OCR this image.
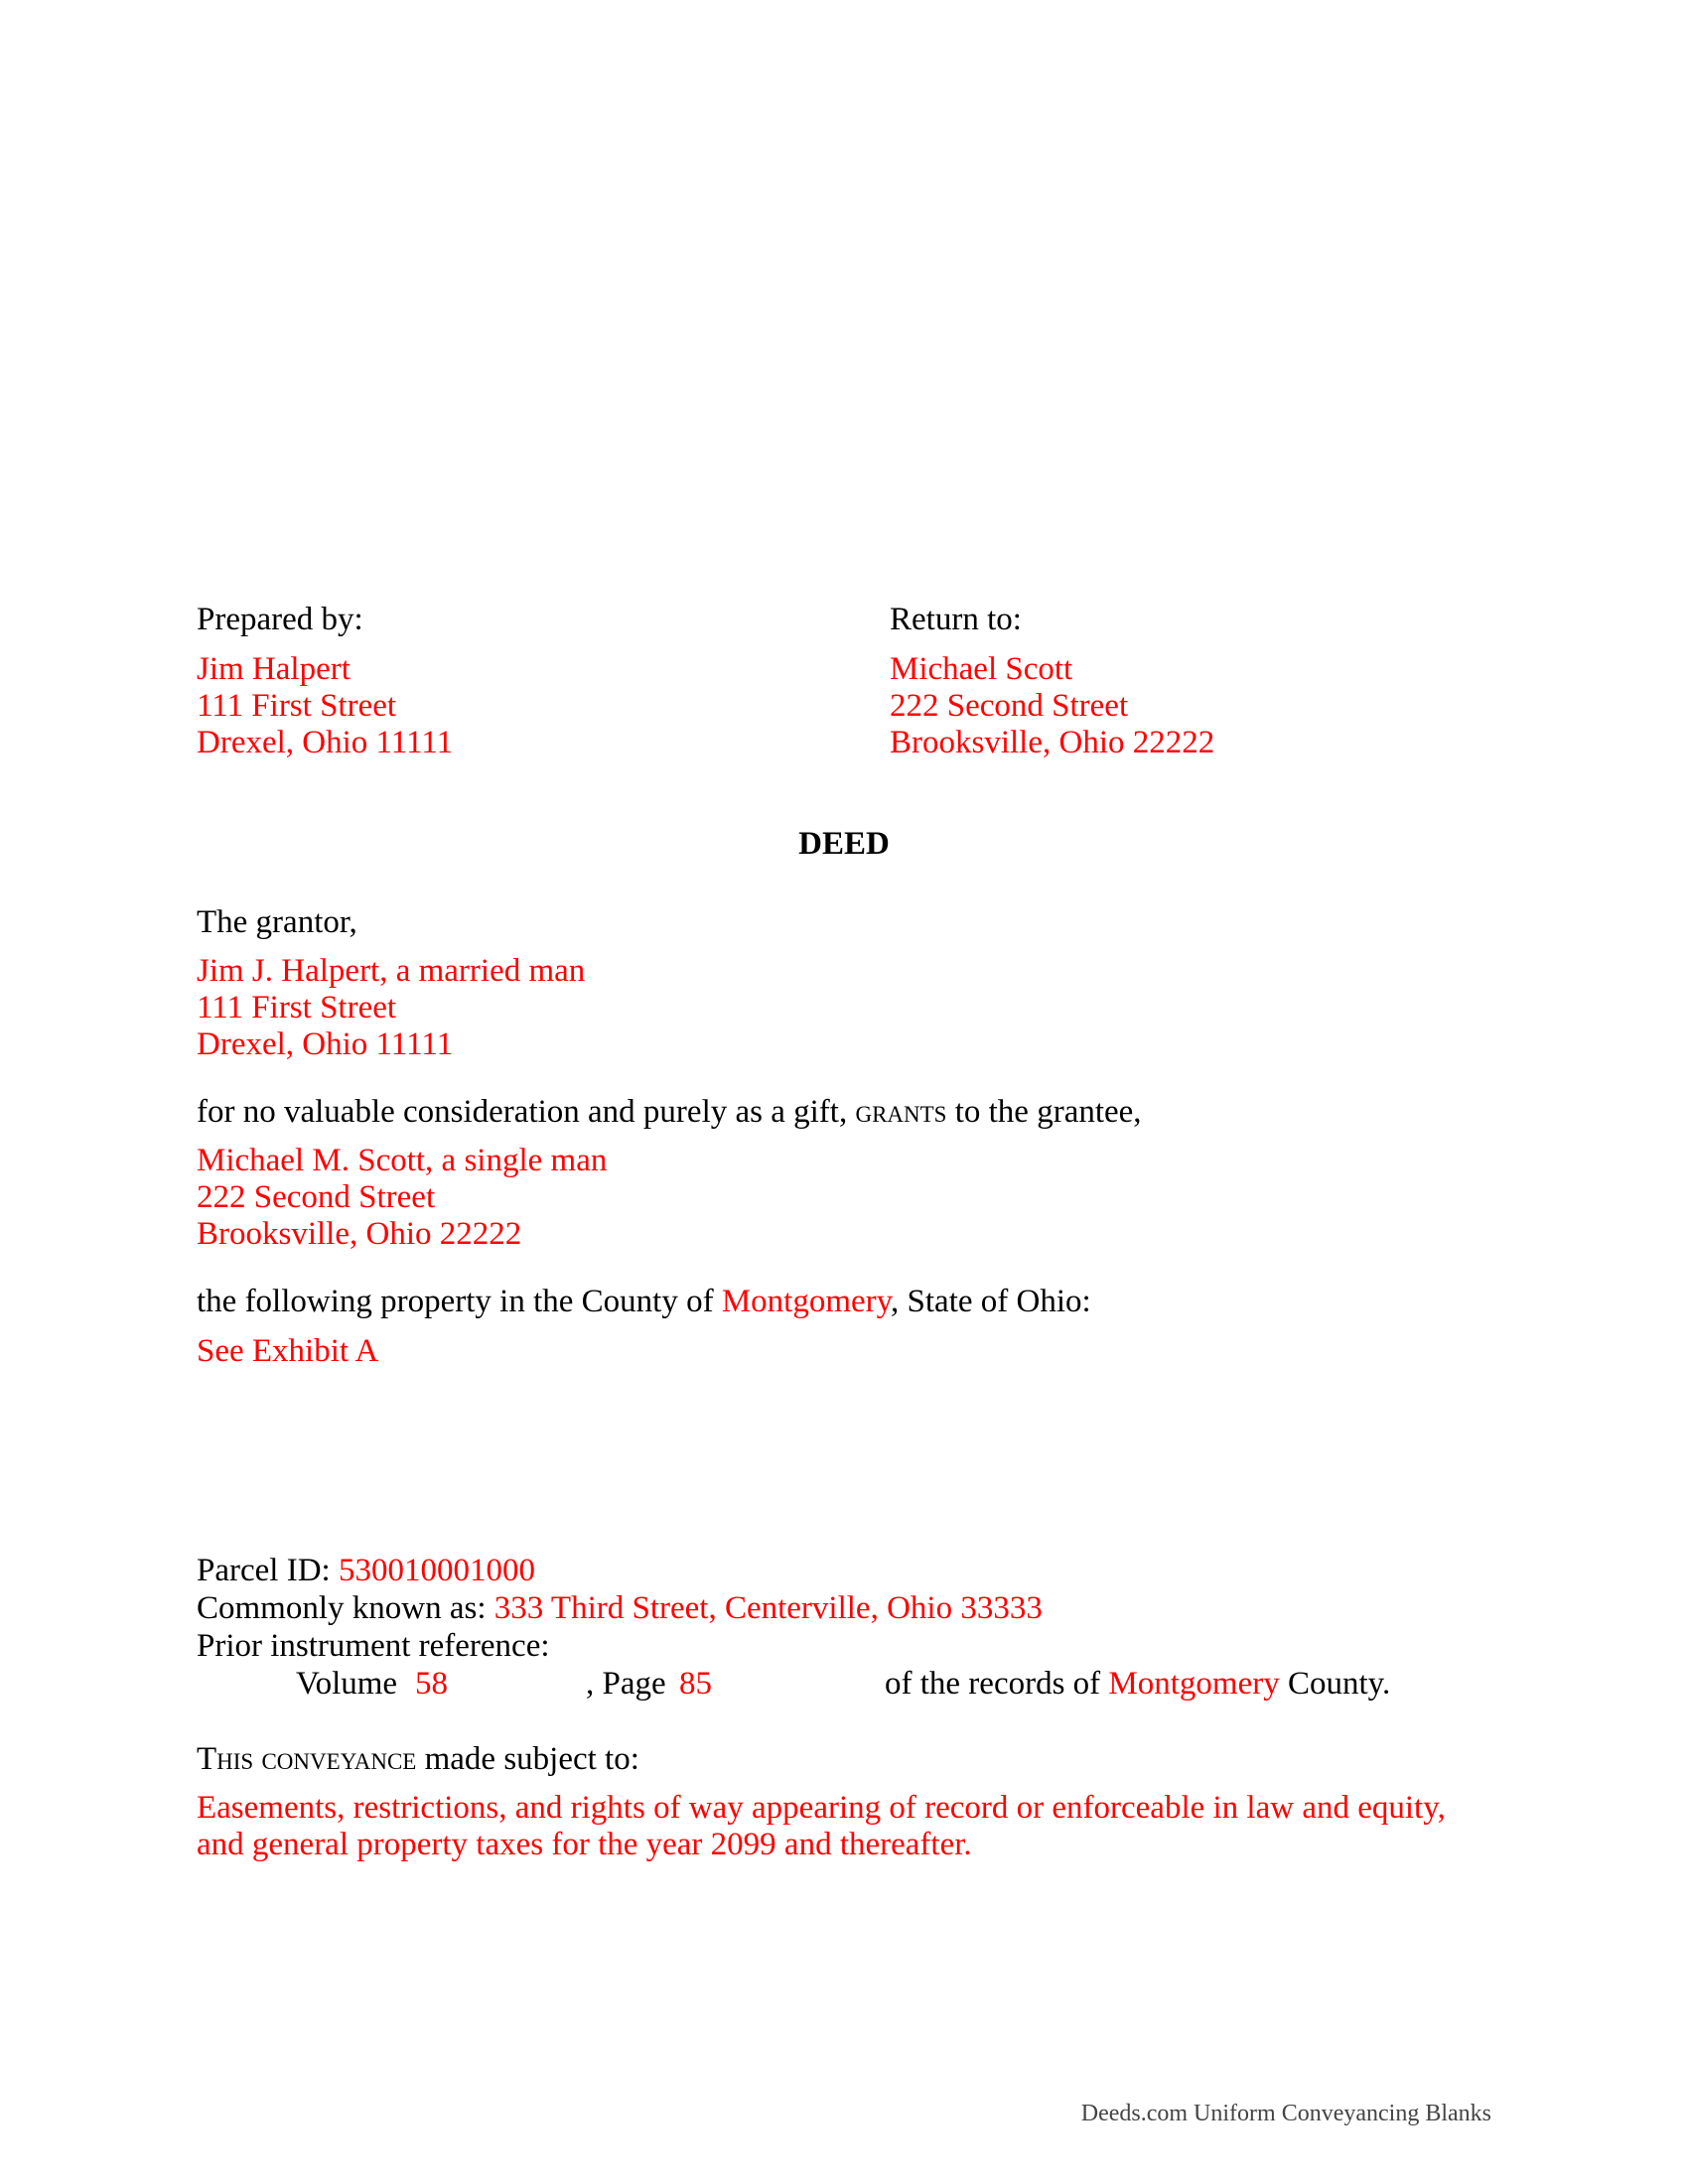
Prepared by:
Jim Halpert
111 First Street
Drexel, Ohio 11111
Return to:
Michael Scott
222 Second Street
Brooksville, Ohio 22222
DEED
The grantor,
Jim J. Halpert, a married man
111 First Street
Drexel, Ohio 11111
for no valuable consideration and purely as a gift, grants to the grantee,
Michael M. Scott, a single man
222 Second Street
Brooksville, Ohio 22222
the following property in the County of Montgomery, State of Ohio:
See Exhibit A
Parcel ID: 530010001000
Commonly known as: 333 Third Street, Centerville, Ohio 33333
Prior instrument reference:
Volume 58	, Page 85	of the records of Montgomery County.
This conveyance made subject to:
Easements, restrictions, and rights of way appearing of record or enforceable in law and equity,
and general property taxes for the year 2099 and thereafter.
Deeds.com Uniform Conveyancing Blanks
